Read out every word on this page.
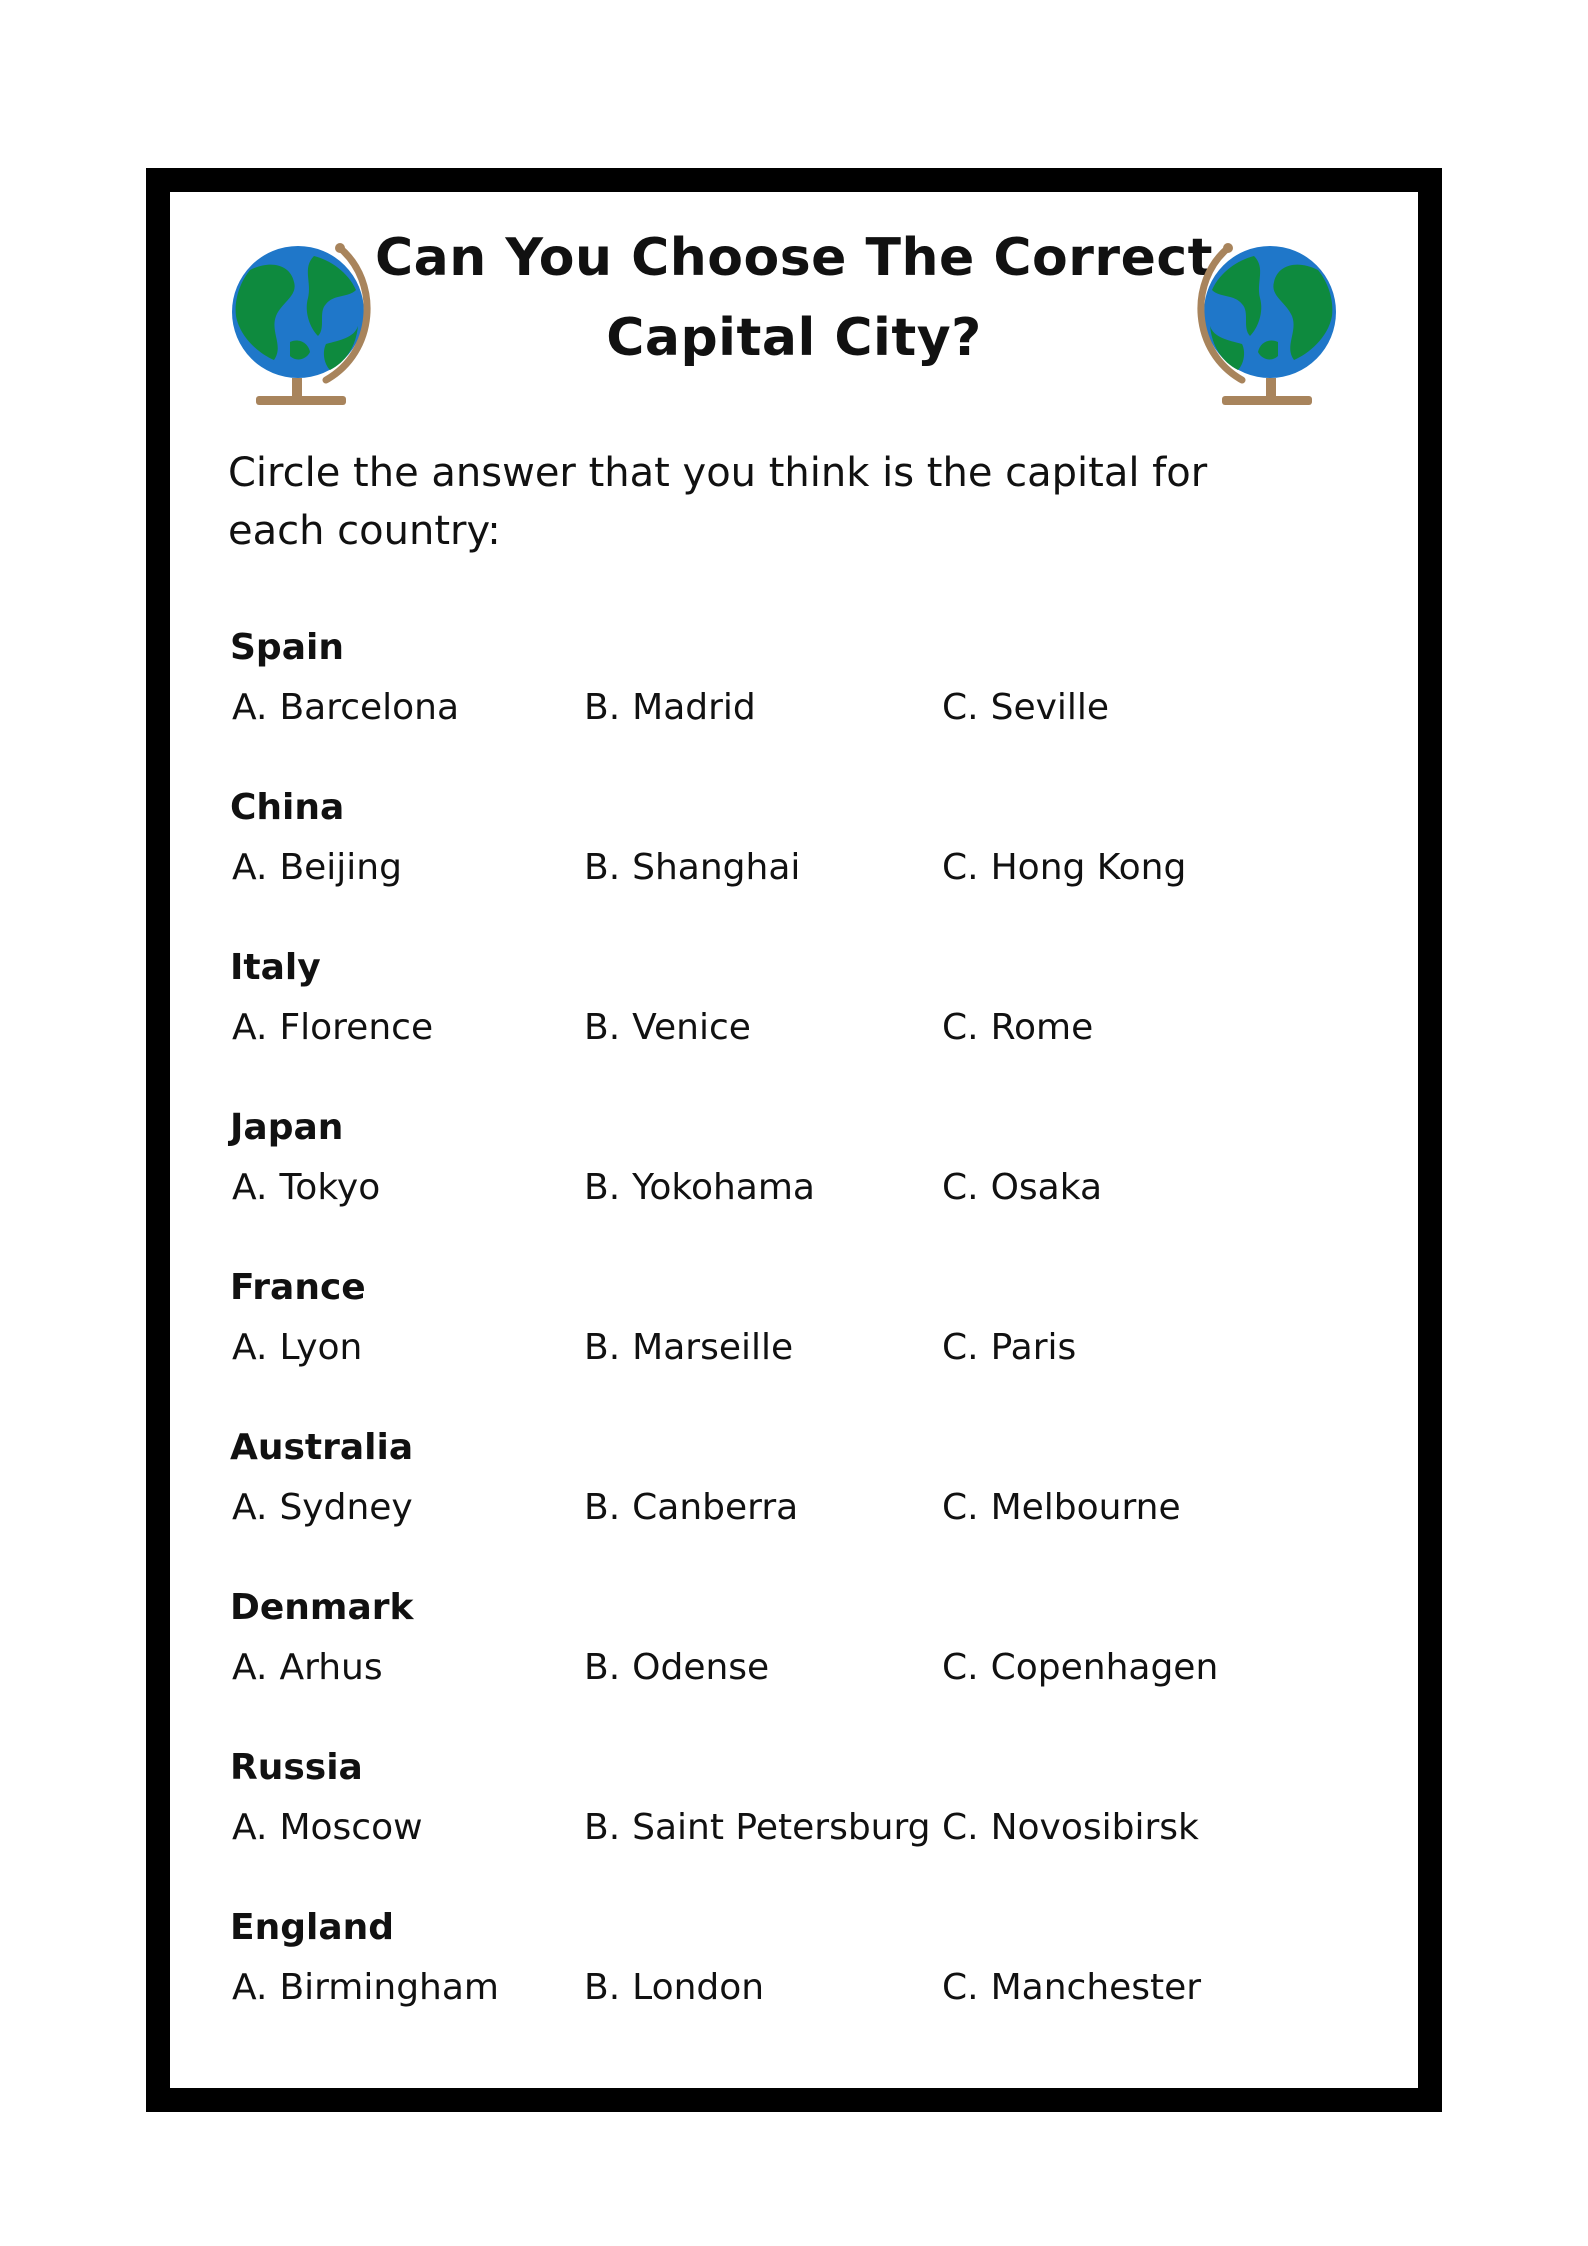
Can You Choose The Correct
Capital City?

Circle the answer that you think is the capital for each country:

Spain
A. Barcelona	B. Madrid	C. Seville
China
A. Beijing	B. Shanghai	C. Hong Kong
Italy
A. Florence	B. Venice	C. Rome
Japan
A. Tokyo	B. Yokohama	C. Osaka
France
A. Lyon	B. Marseille	C. Paris
Australia
A. Sydney	B. Canberra	C. Melbourne
Denmark
A. Arhus	B. Odense	C. Copenhagen
Russia
A. Moscow	B. Saint Petersburg C. Novosibirsk
England
A. Birmingham B. London	C. Manchester
